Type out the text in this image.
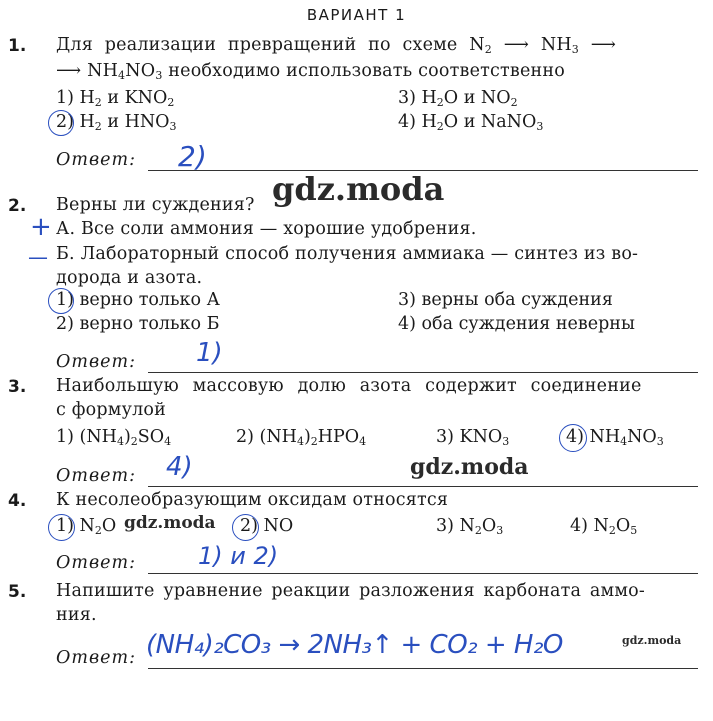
ВАРИАНТ 1
1. Для реализации превращений по схеме $N_2$ ⟶ $NH_3$ ⟶
⟶ $NH_4NO_3$ необходимо использовать соответственно
1) $H_2$ и $KNO_2$
2) $H_2$ и $HNO_3$
3) $H_2O$ и $NO_2$
4) $H_2O$ и NaNO$_3$
Ответ: 2)
2. Верны ли суждения?
+ А. Все соли аммония — хорошие удобрения.
— Б. Лабораторный способ получения аммиака — синтез из во-
дорода и азота.
1) верно только А
2) верно только Б
3) верны оба суждения
4) оба суждения неверны
Ответ: 1)
3. Наибольшую массовую долю азота содержит соединение
с формулой
1) $(NH_4)_2SO_4$	2) $(NH_4)_2HPO_4$	3) $KNO_3$	4) $NH_4NO_3$
Ответ: 4)
4. К несолеобразующим оксидам относятся
1) $N_2O$	2) NO	3) $N_2O_3$	4) $N_2O_5$
Ответ:	1) и 2)
5. Напишите уравнение реакции разложения карбоната аммо-
ния.
Ответ: (NH₄)₂CO₃ → 2NH₃↑ + CO₂ + H₂O
gdz.moda
gdz.moda
gdz.moda
gdz.moda
